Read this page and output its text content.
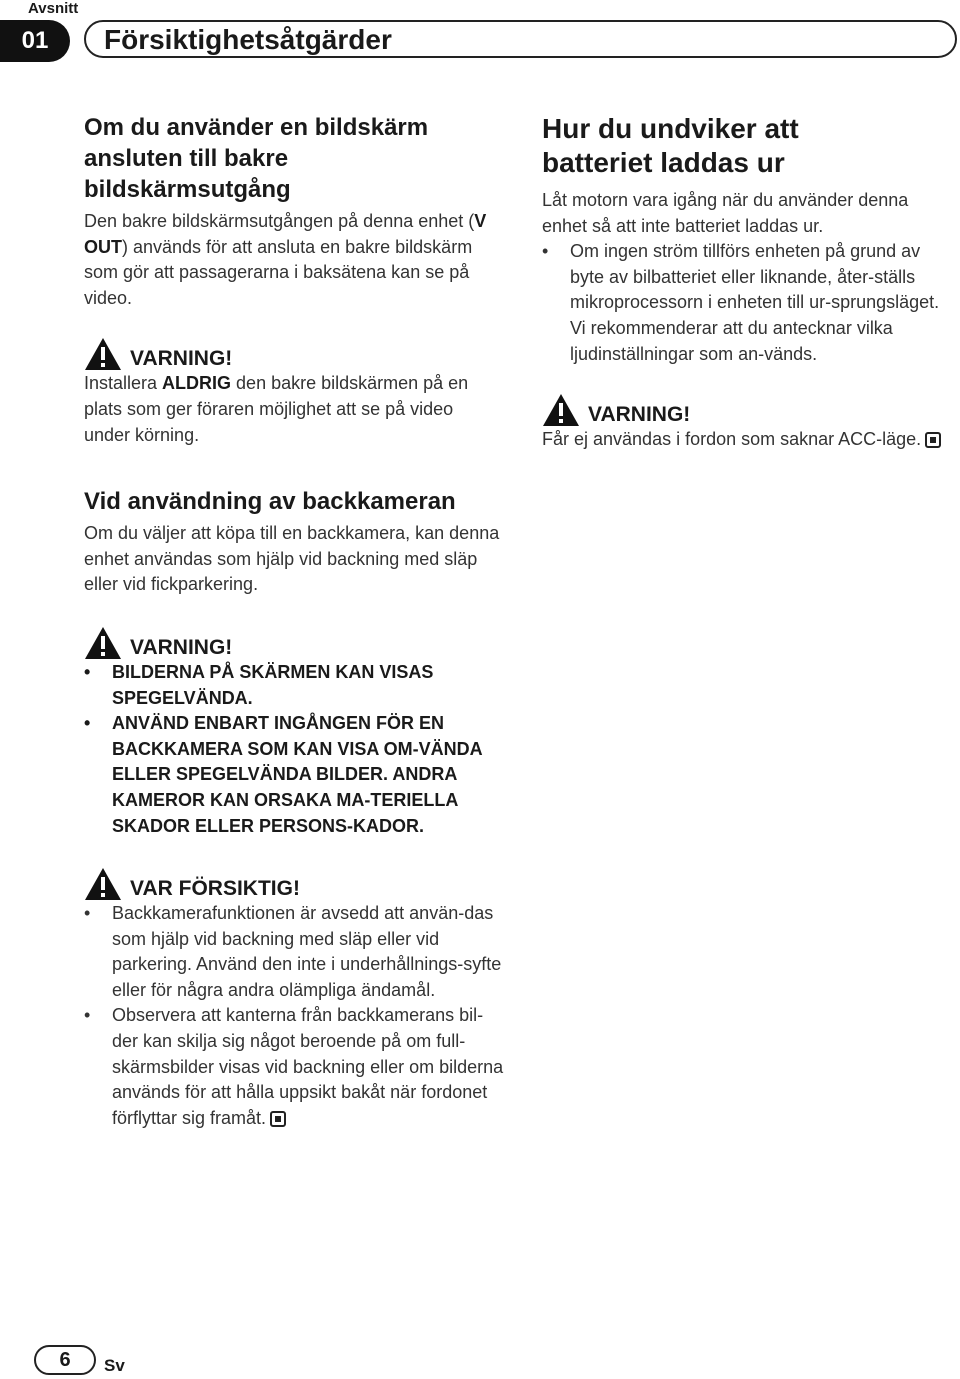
Avsnitt
01	Försiktighetsåtgärder
Om du använder en bildskärm ansluten till bakre bildskärmsutgång

Den bakre bildskärmsutgången på denna enhet (V OUT) används för att ansluta en bakre bildskärm som gör att passagerarna i baksätena kan se på video.

VARNING!

Installera ALDRIG den bakre bildskärmen på en plats som ger föraren möjlighet att se på video under körning.

Vid användning av backkameran

Om du väljer att köpa till en backkamera, kan denna enhet användas som hjälp vid backning med släp eller vid fickparkering.

VARNING!
• BILDERNA PÅ SKÄRMEN KAN VISAS SPEGELVÄNDA.
• ANVÄND ENBART INGÅNGEN FÖR EN BACKKAMERA SOM KAN VISA OM-VÄNDA ELLER SPEGELVÄNDA BILDER. ANDRA KAMEROR KAN ORSAKA MA-TERIELLA SKADOR ELLER PERSONS-KADOR.
VAR FÖRSIKTIG!
• Backkamerafunktionen är avsedd att använ-das som hjälp vid backning med släp eller vid parkering. Använd den inte i underhållnings-syfte eller för några andra olämpliga ändamål.
• Observera att kanterna från backkamerans bil-der kan skilja sig något beroende på om full-skärmsbilder visas vid backning eller om bilderna används för att hålla uppsikt bakåt när fordonet förflyttar sig framåt.
Hur du undviker att batteriet laddas ur

Låt motorn vara igång när du använder denna enhet så att inte batteriet laddas ur.

• Om ingen ström tillförs enheten på grund av byte av bilbatteriet eller liknande, åter-ställs mikroprocessorn i enheten till ur-sprungsläget. Vi rekommenderar att du antecknar vilka ljudinställningar som an-vänds.
VARNING!

Får ej användas i fordon som saknar ACC-läge.

6	Sv
